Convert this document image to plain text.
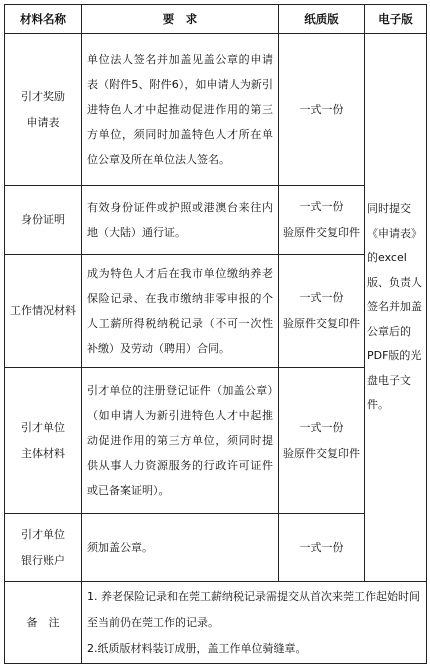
材料名称	要　求	纸质版	电子版

引才奖励
申请表	单位法人签名并加盖见盖公章的申请表（附件5、附件6），如申请人为新引进特色人才中起推动促进作用的第三方单位，须同时加盖特色人才所在单位公章及所在单位法人签名。	一式一份	同时提交《申请表》的excel版、负责人签名并加盖公章后的PDF版的光盘电子文件。

身份证明	有效身份证件或护照或港澳台来往内地（大陆）通行证。	一式一份
验原件交复印件	

工作情况材料	成为特色人才后在我市单位缴纳养老保险记录、在我市缴纳非零申报的个人工薪所得税纳税记录（不可一次性补缴）及劳动（聘用）合同。	一式一份
验原件交复印件	

引才单位
主体材料	引才单位的注册登记证件（加盖公章）（如申请人为新引进特色人才中起推动促进作用的第三方单位，须同时提供从事人力资源服务的行政许可证件或已备案证明）。	一式一份
验原件交复印件	

引才单位
银行账户	须加盖公章。	一式一份	

备　注	1. 养老保险记录和在莞工薪纳税记录需提交从首次来莞工作起始时间至当前仍在莞工作的记录。
2.纸质版材料装订成册，盖工作单位骑缝章。		
